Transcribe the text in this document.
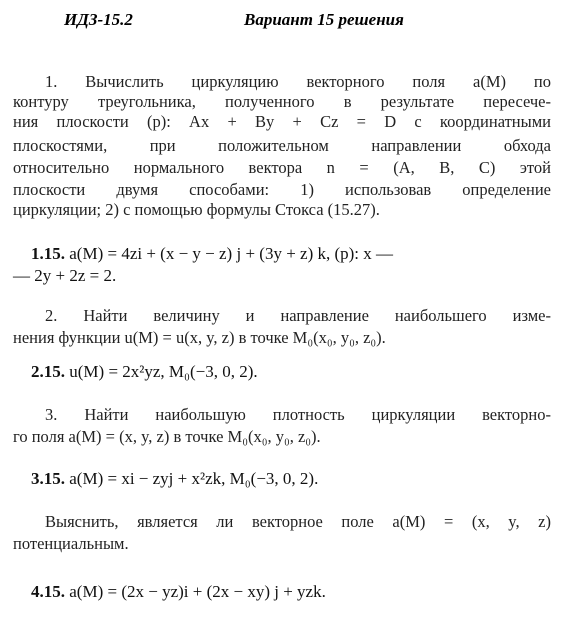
ИДЗ-15.2	Вариант 15 решения
1. Вычислить циркуляцию векторного поля a(M) по
контуру треугольника, полученного в результате пересече-
ния плоскости (p): Ax + By + Cz = D с координатными
плоскостями, при положительном направлении обхода
относительно нормального вектора n = (A, B, C) этой
плоскости двумя способами: 1) использовав определение
циркуляции; 2) с помощью формулы Стокса (15.27).
1.15. a(M) = 4zi + (x − y − z) j + (3y + z) k, (p): x —
— 2y + 2z = 2.
2. Найти величину и направление наибольшего изме-
нения функции u(M) = u(x, y, z) в точке M₀(x₀, y₀, z₀).
2.15. u(M) = 2x²yz, M₀(−3, 0, 2).
3. Найти наибольшую плотность циркуляции векторно-
го поля a(M) = (x, y, z) в точке M₀(x₀, y₀, z₀).
3.15. a(M) = xi − zyj + x²zk, M₀(−3, 0, 2).
Выяснить, является ли векторное поле a(M) = (x, y, z)
потенциальным.
4.15. a(M) = (2x − yz)i + (2x − xy) j + yzk.
